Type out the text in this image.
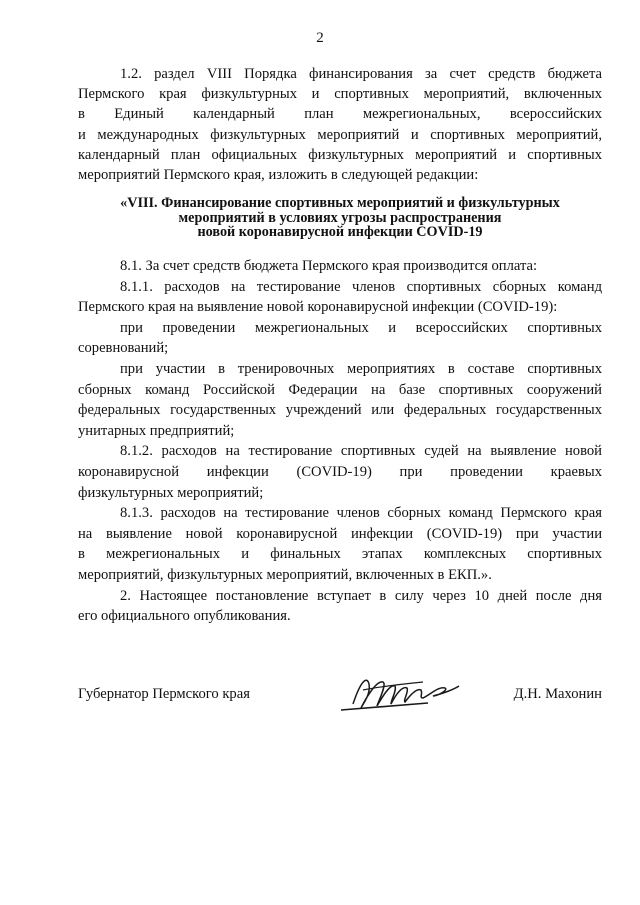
2
1.2. раздел VIII Порядка финансирования за счет средств бюджета
Пермского края физкультурных и спортивных мероприятий, включенных
в Единый календарный план межрегиональных, всероссийских
и международных физкультурных мероприятий и спортивных мероприятий,
календарный план официальных физкультурных мероприятий и спортивных
мероприятий Пермского края, изложить в следующей редакции:
«VIII. Финансирование спортивных мероприятий и физкультурных
мероприятий в условиях угрозы распространения
новой коронавирусной инфекции COVID-19
8.1. За счет средств бюджета Пермского края производится оплата:
8.1.1. расходов на тестирование членов спортивных сборных команд
Пермского края на выявление новой коронавирусной инфекции (COVID-19):
при проведении межрегиональных и всероссийских спортивных
соревнований;
при участии в тренировочных мероприятиях в составе спортивных
сборных команд Российской Федерации на базе спортивных сооружений
федеральных государственных учреждений или федеральных государственных
унитарных предприятий;
8.1.2. расходов на тестирование спортивных судей на выявление новой
коронавирусной инфекции (COVID-19) при проведении краевых
физкультурных мероприятий;
8.1.3. расходов на тестирование членов сборных команд Пермского края
на выявление новой коронавирусной инфекции (COVID-19) при участии
в межрегиональных и финальных этапах комплексных спортивных
мероприятий, физкультурных мероприятий, включенных в ЕКП.».
2. Настоящее постановление вступает в силу через 10 дней после дня
его официального опубликования.
Губернатор Пермского края	Д.Н. Махонин
